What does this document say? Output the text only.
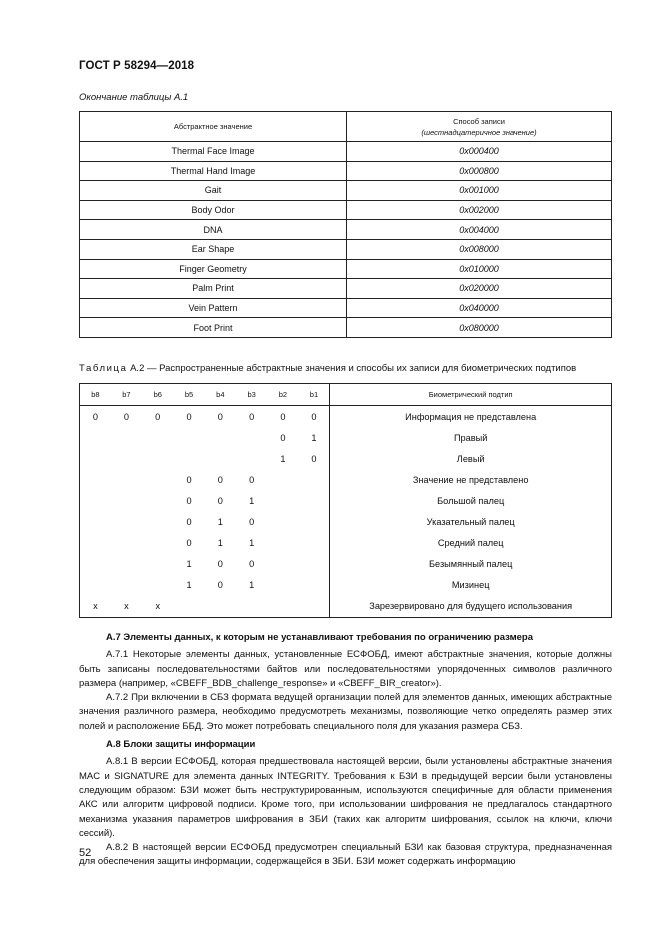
ГОСТ Р 58294—2018
Окончание таблицы А.1
Абстрактное значение	Способ записи
(шестнадцатеричное значение)

Thermal Face Image	0x000400
Thermal Hand Image	0x000800
Gait	0x001000
Body Odor	0x002000
DNA	0x004000
Ear Shape	0x008000
Finger Geometry	0x010000
Palm Print	0x020000
Vein Pattern	0x040000
Foot Print	0x080000
Таблица А.2 — Распространенные абстрактные значения и способы их записи для биометрических подтипов
b8	b7	b6	b5	b4	b3	b2	b1	Биометрический подтип
0	0	0	0	0	0	0	0	Информация не представлена
						0	1	Правый
						1	0	Левый
			0	0	0			Значение не представлено
			0	0	1			Большой палец
			0	1	0			Указательный палец
			0	1	1			Средний палец
			1	0	0			Безымянный палец
			1	0	1			Мизинец
x	x	x						Зарезервировано для будущего использования

А.7 Элементы данных, к которым не устанавливают требования по ограничению размера

А.7.1 Некоторые элементы данных, установленные ЕСФОБД, имеют абстрактные значения, которые должны быть записаны последовательностями байтов или последовательностями упорядоченных символов различного размера (например, «CBEFF_BDB_challenge_response» и «CBEFF_BIR_creator»).

А.7.2 При включении в СБЗ формата ведущей организации полей для элементов данных, имеющих абстрактные значения различного размера, необходимо предусмотреть механизмы, позволяющие четко определять размер этих полей и расположение ББД. Это может потребовать специального поля для указания размера СБЗ.

А.8 Блоки защиты информации

А.8.1 В версии ЕСФОБД, которая предшествовала настоящей версии, были установлены абстрактные значения MAC и SIGNATURE для элемента данных INTEGRITY. Требования к БЗИ в предыдущей версии были установлены следующим образом: БЗИ может быть неструктурированным, используются специфичные для области применения АКС или алгоритм цифровой подписи. Кроме того, при использовании шифрования не предлагалось стандартного механизма указания параметров шифрования в ЗБИ (таких как алгоритм шифрования, ссылок на ключи, ключи сессий).

А.8.2 В настоящей версии ЕСФОБД предусмотрен специальный БЗИ как базовая структура, предназначенная для обеспечения защиты информации, содержащейся в ЗБИ. БЗИ может содержать информацию

52
